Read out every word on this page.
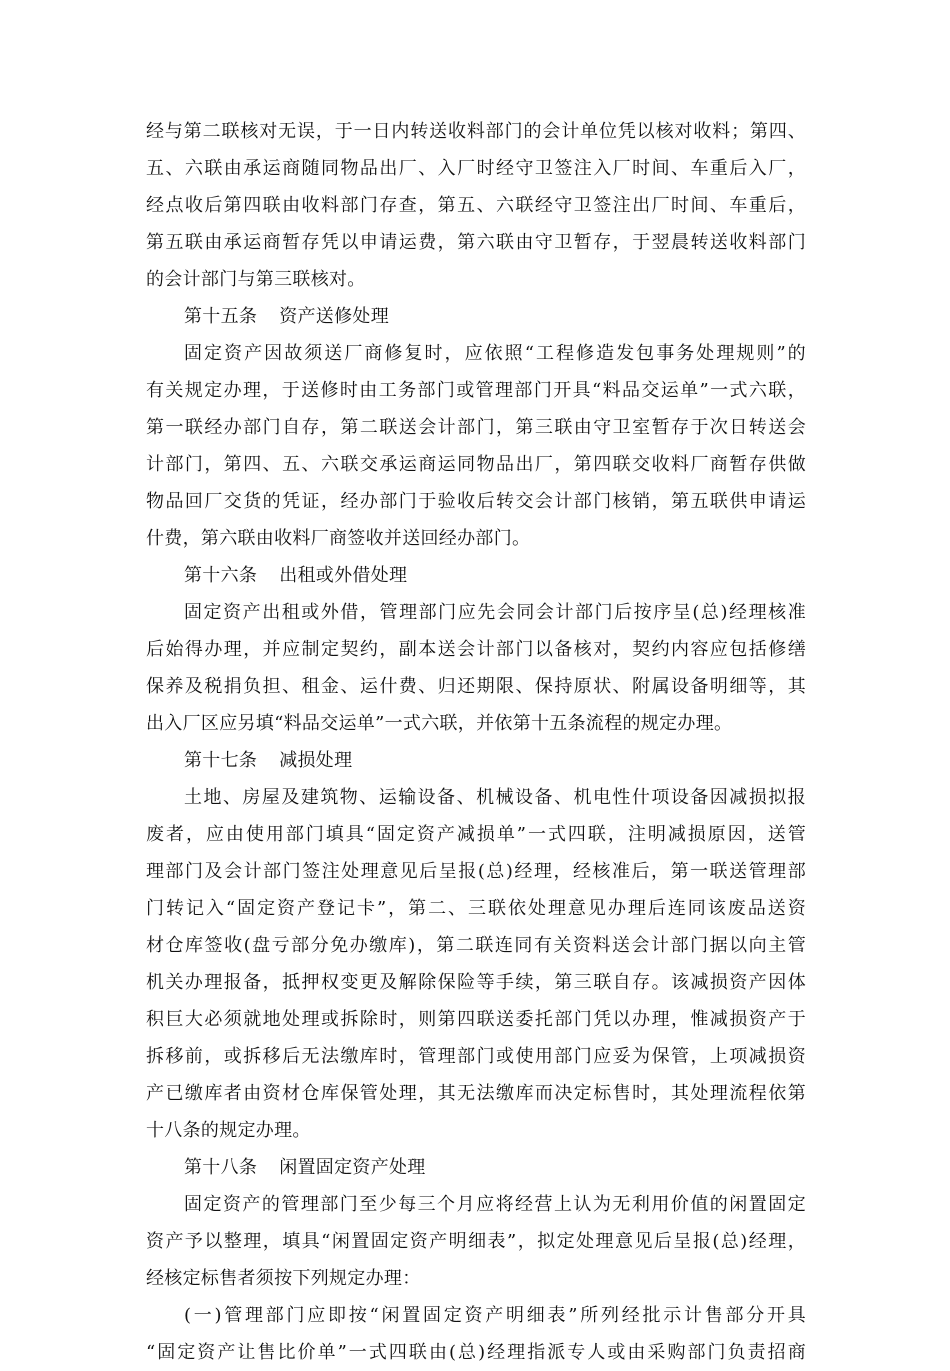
经与第二联核对无误，于一日内转送收料部门的会计单位凭以核对收料；第四、
五、六联由承运商随同物品出厂、入厂时经守卫签注入厂时间、车重后入厂，
经点收后第四联由收料部门存查，第五、六联经守卫签注出厂时间、车重后，
第五联由承运商暂存凭以申请运费，第六联由守卫暂存，于翌晨转送收料部门
的会计部门与第三联核对。
第十五条 资产送修处理
固定资产因故须送厂商修复时，应依照“工程修造发包事务处理规则”的
有关规定办理，于送修时由工务部门或管理部门开具“料品交运单”一式六联，
第一联经办部门自存，第二联送会计部门，第三联由守卫室暂存于次日转送会
计部门，第四、五、六联交承运商运同物品出厂，第四联交收料厂商暂存供做
物品回厂交货的凭证，经办部门于验收后转交会计部门核销，第五联供申请运
什费，第六联由收料厂商签收并送回经办部门。
第十六条 出租或外借处理
固定资产出租或外借，管理部门应先会同会计部门后按序呈(总)经理核准
后始得办理，并应制定契约，副本送会计部门以备核对，契约内容应包括修缮
保养及税捐负担、租金、运什费、归还期限、保持原状、附属设备明细等，其
出入厂区应另填“料品交运单”一式六联，并依第十五条流程的规定办理。
第十七条 减损处理
土地、房屋及建筑物、运输设备、机械设备、机电性什项设备因减损拟报
废者，应由使用部门填具“固定资产减损单”一式四联，注明减损原因，送管
理部门及会计部门签注处理意见后呈报(总)经理，经核准后，第一联送管理部
门转记入“固定资产登记卡”，第二、三联依处理意见办理后连同该废品送资
材仓库签收(盘亏部分免办缴库)，第二联连同有关资料送会计部门据以向主管
机关办理报备，抵押权变更及解除保险等手续，第三联自存。该减损资产因体
积巨大必须就地处理或拆除时，则第四联送委托部门凭以办理，惟减损资产于
拆移前，或拆移后无法缴库时，管理部门或使用部门应妥为保管，上项减损资
产已缴库者由资材仓库保管处理，其无法缴库而决定标售时，其处理流程依第
十八条的规定办理。
第十八条 闲置固定资产处理
固定资产的管理部门至少每三个月应将经营上认为无利用价值的闲置固定
资产予以整理，填具“闲置固定资产明细表”，拟定处理意见后呈报(总)经理，
经核定标售者须按下列规定办理：
(一)管理部门应即按“闲置固定资产明细表”所列经批示计售部分开具
“固定资产让售比价单”一式四联由(总)经理指派专人或由采购部门负责招商
